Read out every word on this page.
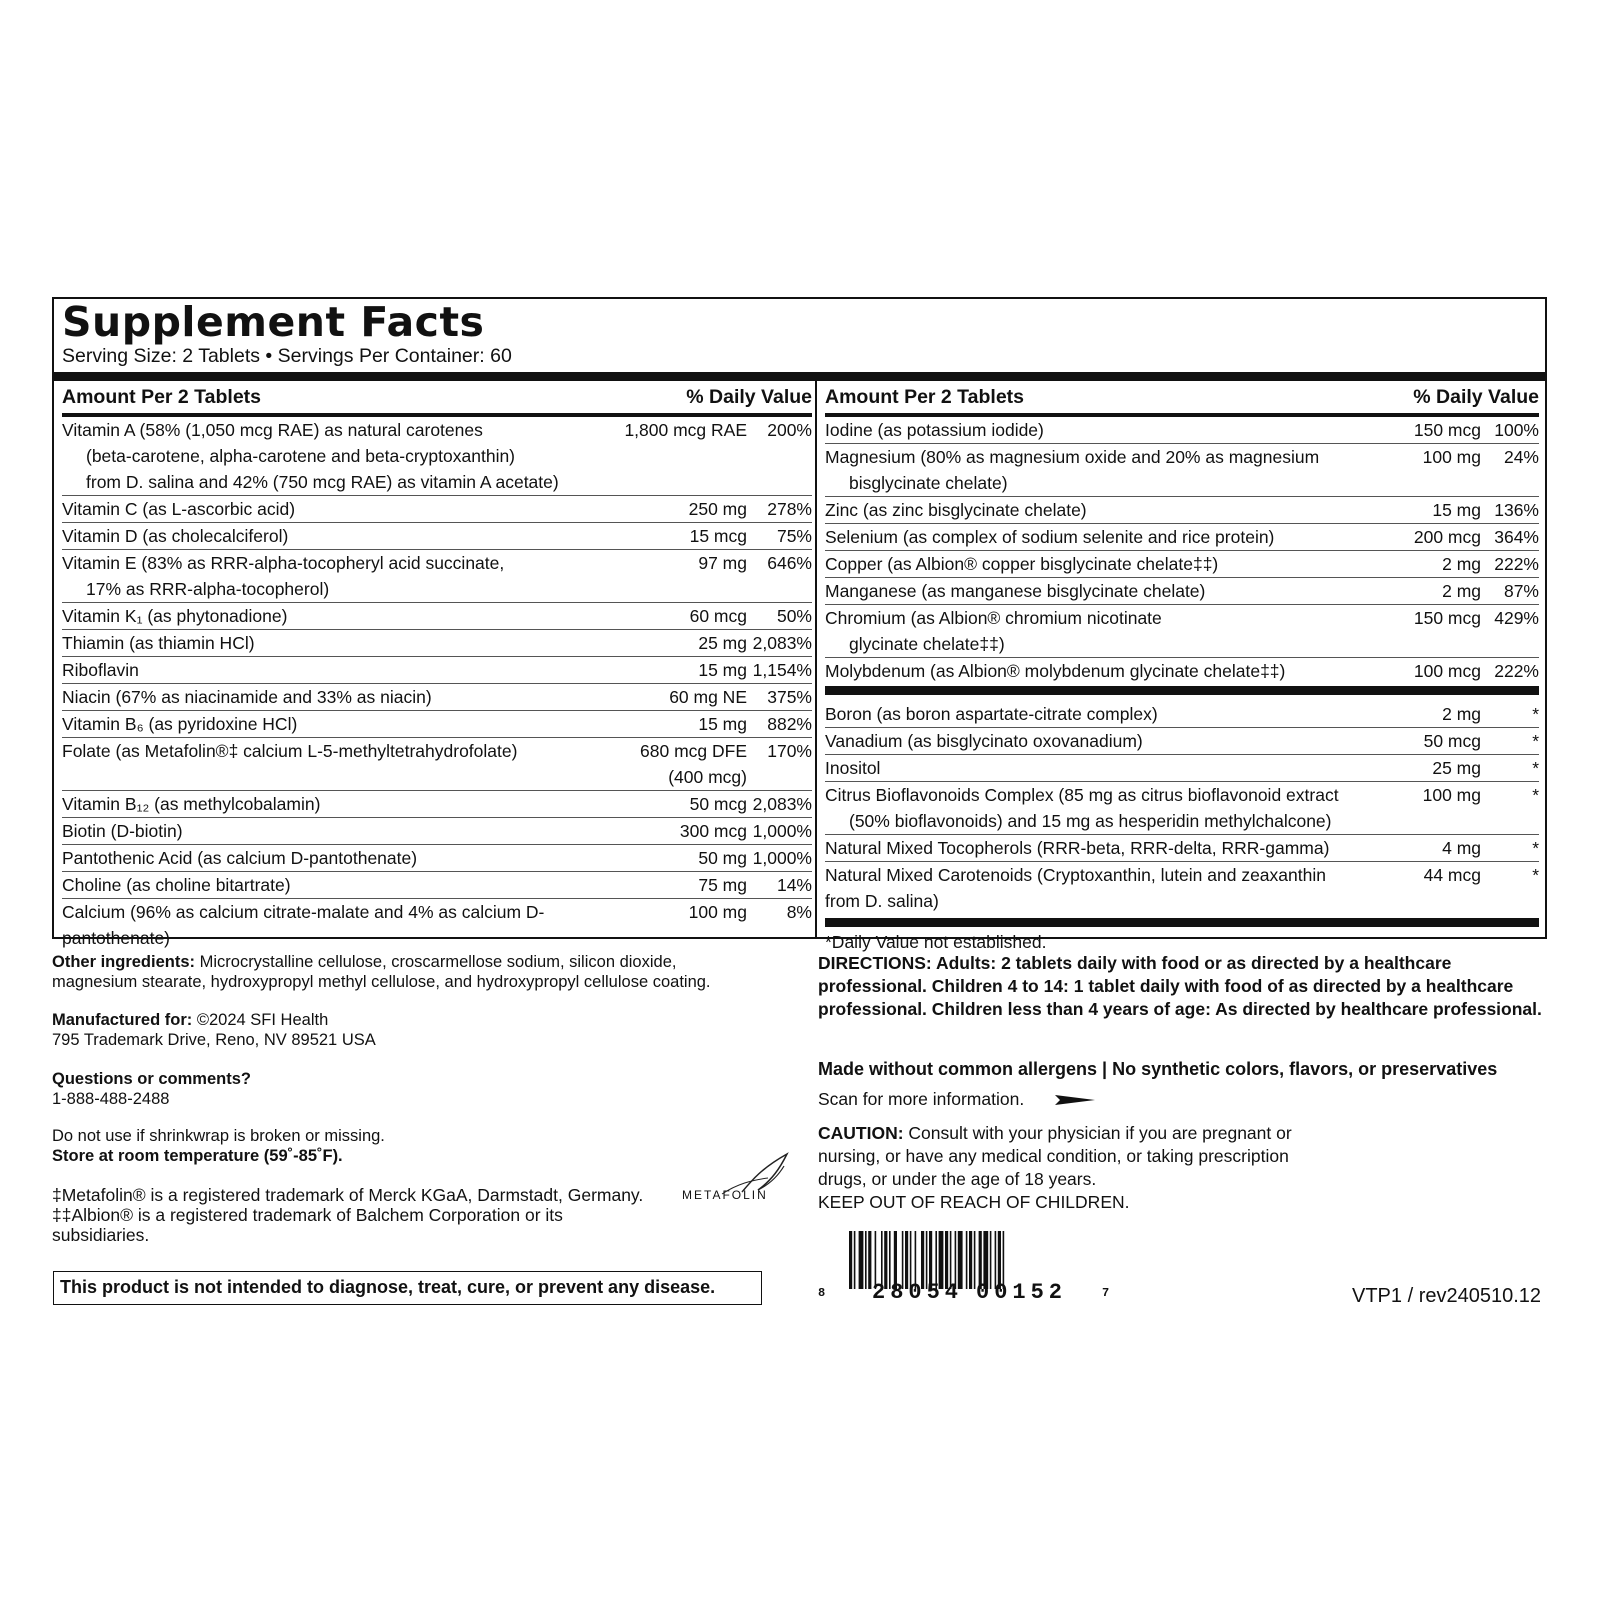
Supplement Facts
Serving Size: 2 Tablets • Servings Per Container: 60
Amount Per 2 Tablets	% Daily Value
Vitamin A (58% (1,050 mcg RAE) as natural carotenes
(beta-carotene, alpha-carotene and beta-cryptoxanthin)
from D. salina and 42% (750 mcg RAE) as vitamin A acetate)
1,800 mcg RAE	200%
Vitamin C (as L-ascorbic acid)	250 mg	278%
Vitamin D (as cholecalciferol)	15 mcg	75%
Vitamin E (83% as RRR-alpha-tocopheryl acid succinate,
17% as RRR-alpha-tocopherol)
97 mg	646%
Vitamin K₁ (as phytonadione)	60 mcg	50%
Thiamin (as thiamin HCl)	25 mg 2,083%
Riboflavin	15 mg 1,154%
Niacin (67% as niacinamide and 33% as niacin)	60 mg NE	375%
Vitamin B₆ (as pyridoxine HCl)	15 mg	882%
Folate (as Metafolin®‡ calcium L-5-methyltetrahydrofolate)
	680 mcg DFE
(400 mcg)
170%
Vitamin B₁₂ (as methylcobalamin)	50 mcg 2,083%
Biotin (D-biotin)	300 mcg 1,000%
Pantothenic Acid (as calcium D-pantothenate)	50 mg 1,000%
Choline (as choline bitartrate)	75 mg	14%
Calcium (96% as calcium citrate-malate and 4% as calcium D-pantothenate)
100 mg	8%
Amount Per 2 Tablets	% Daily Value
Iodine (as potassium iodide)	150 mcg 100%
Magnesium (80% as magnesium oxide and 20% as magnesium
bisglycinate chelate)
100 mg	24%
Zinc (as zinc bisglycinate chelate)	15 mg 136%
Selenium (as complex of sodium selenite and rice protein)	200 mcg 364%
Copper (as Albion® copper bisglycinate chelate‡‡)	2 mg 222%
Manganese (as manganese bisglycinate chelate)	2 mg	87%
Chromium (as Albion® chromium nicotinate
glycinate chelate‡‡)
150 mcg 429%
Molybdenum (as Albion® molybdenum glycinate chelate‡‡)	100 mcg 222%
Boron (as boron aspartate-citrate complex)	2 mg	*
Vanadium (as bisglycinato oxovanadium)	50 mcg	*
Inositol	25 mg	*
Citrus Bioflavonoids Complex (85 mg as citrus bioflavonoid extract
(50% bioflavonoids) and 15 mg as hesperidin methylchalcone)
100 mg	*
Natural Mixed Tocopherols (RRR-beta, RRR-delta, RRR-gamma)	4 mg	*
Natural Mixed Carotenoids (Cryptoxanthin, lutein and zeaxanthin from D. salina)
44 mcg	*
*Daily Value not established.
Other ingredients: Microcrystalline cellulose, croscarmellose sodium, silicon dioxide,
magnesium stearate, hydroxypropyl methyl cellulose, and hydroxypropyl cellulose coating.
Manufactured for: ©2024 SFI Health
795 Trademark Drive, Reno, NV 89521 USA
Questions or comments?
1-888-488-2488
Do not use if shrinkwrap is broken or missing.
Store at room temperature (59˚-85˚F).
‡Metafolin® is a registered trademark of Merck KGaA, Darmstadt, Germany.
‡‡Albion® is a registered trademark of Balchem Corporation or its
subsidiaries.
METAFOLIN
This product is not intended to diagnose, treat, cure, or prevent any disease.
DIRECTIONS: Adults: 2 tablets daily with food or as directed by a healthcare
professional. Children 4 to 14: 1 tablet daily with food of as directed by a healthcare
professional. Children less than 4 years of age: As directed by healthcare professional.
Made without common allergens | No synthetic colors, flavors, or preservatives
Scan for more information.
CAUTION: Consult with your physician if you are pregnant or
nursing, or have any medical condition, or taking prescription
drugs, or under the age of 18 years.
KEEP OUT OF REACH OF CHILDREN.
8 28054 00152	7	VTP1 / rev240510.12
